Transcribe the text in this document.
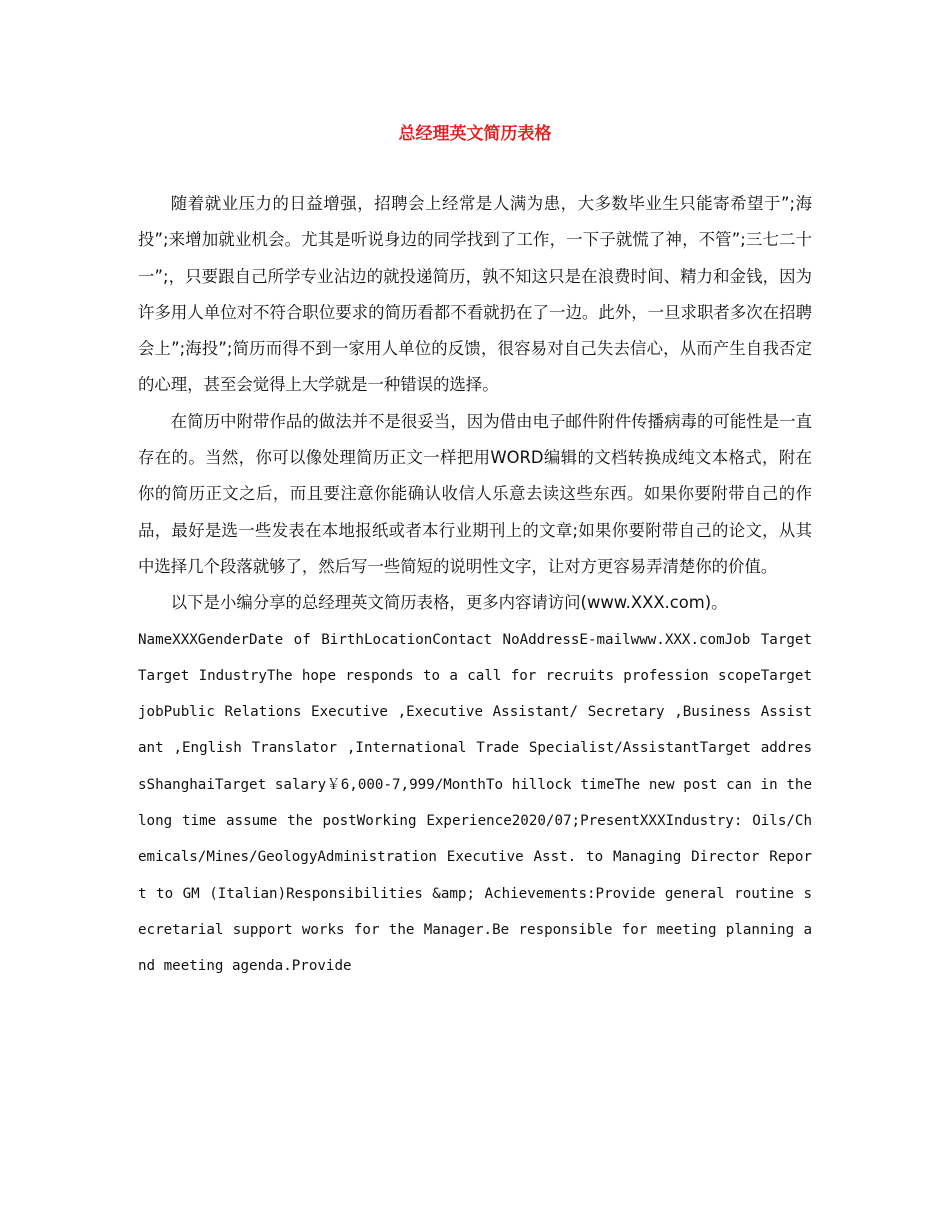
总经理英文简历表格

随着就业压力的日益增强，招聘会上经常是人满为患，大多数毕业生只能寄希望于”;海投”;来增加就业机会。尤其是听说身边的同学找到了工作，一下子就慌了神，不管”;三七二十一”;，只要跟自己所学专业沾边的就投递简历，孰不知这只是在浪费时间、精力和金钱，因为许多用人单位对不符合职位要求的简历看都不看就扔在了一边。此外，一旦求职者多次在招聘会上”;海投”;简历而得不到一家用人单位的反馈，很容易对自己失去信心，从而产生自我否定的心理，甚至会觉得上大学就是一种错误的选择。

在简历中附带作品的做法并不是很妥当，因为借由电子邮件附件传播病毒的可能性是一直存在的。当然，你可以像处理简历正文一样把用WORD编辑的文档转换成纯文本格式，附在你的简历正文之后，而且要注意你能确认收信人乐意去读这些东西。如果你要附带自己的作品，最好是选一些发表在本地报纸或者本行业期刊上的文章;如果你要附带自己的论文，从其中选择几个段落就够了，然后写一些简短的说明性文字，让对方更容易弄清楚你的价值。

以下是小编分享的总经理英文简历表格，更多内容请访问(www.XXX.com)。

NameXXXGenderDate of BirthLocationContact NoAddressE-mailwww.XXX.comJob TargetTarget IndustryThe hope responds to a call for recruits profession scopeTarget jobPublic Relations Executive ,Executive Assistant/ Secretary ,Business Assistant ,English Translator ,International Trade Specialist/AssistantTarget addressShanghaiTarget salary￥6,000-7,999/MonthTo hillock timeThe new post can in the long time assume the postWorking Experience2020/07;PresentXXXIndustry: Oils/Chemicals/Mines/GeologyAdministration Executive Asst. to Managing Director Report to GM (Italian)Responsibilities &amp; Achievements:Provide general routine secretarial support works for the Manager.Be responsible for meeting planning and meeting agenda.Provide
